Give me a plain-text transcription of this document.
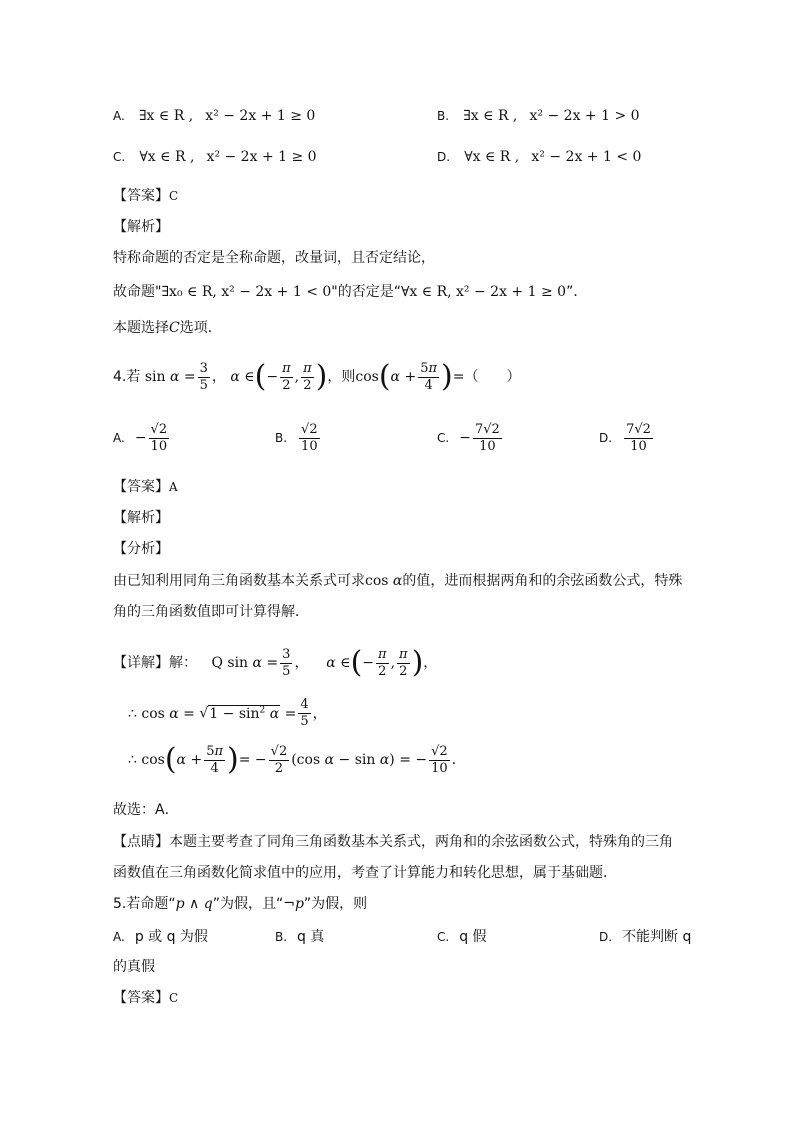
A. ∃x ∈ R , x² − 2x + 1 ≥ 0	B. ∃x ∈ R , x² − 2x + 1 > 0
C. ∀x ∈ R , x² − 2x + 1 ≥ 0	D. ∀x ∈ R , x² − 2x + 1 < 0
【答案】C
【解析】
特称命题的否定是全称命题，改量词，且否定结论，
故命题"∃x₀ ∈ R, x² − 2x + 1 < 0"的否定是“∀x ∈ R, x² − 2x + 1 ≥ 0”．
本题选择C选项．
4.若 $\sin \alpha = \frac{3}{5}$ ， α ∈(− $\frac{\pi}{2}$ , $\frac{\pi}{2}$ )，则$\cos(\alpha + \frac{5\pi}{4}$ )=（　　）
A. − $\frac{√2}{10}$	B. $\frac{√2}{10}$	C. − $\frac{7√2}{10}$	D. $\frac{7√2}{10}$
【答案】A
【解析】
【分析】
由已知利用同角三角函数基本关系式可求cos α的值，进而根据两角和的余弦函数公式，特殊
角的三角函数值即可计算得解．
【详解】解： Q $\sin \alpha = \frac{3}{5}$ ，    α ∈(− $\frac{\pi}{2}$ , $\frac{\pi}{2}$ )，
∴ $\cos \alpha = √1 - \sin^2 \alpha = \frac{4}{5}$ ，
∴ $\cos(\alpha + \frac{5\pi}{4}$ )= − $\frac{√2}{2} (\cos$ α − sin α) = − $\frac{√2}{10}$ ．
故选：A．
【点睛】本题主要考查了同角三角函数基本关系式，两角和的余弦函数公式，特殊角的三角
函数值在三角函数化简求值中的应用，考查了计算能力和转化思想，属于基础题．
5.若命题“p ∧ q”为假，且“¬p”为假，则
A. p 或 q 为假	B. q 真	C. q 假	D. 不能判断 q
的真假
【答案】C
